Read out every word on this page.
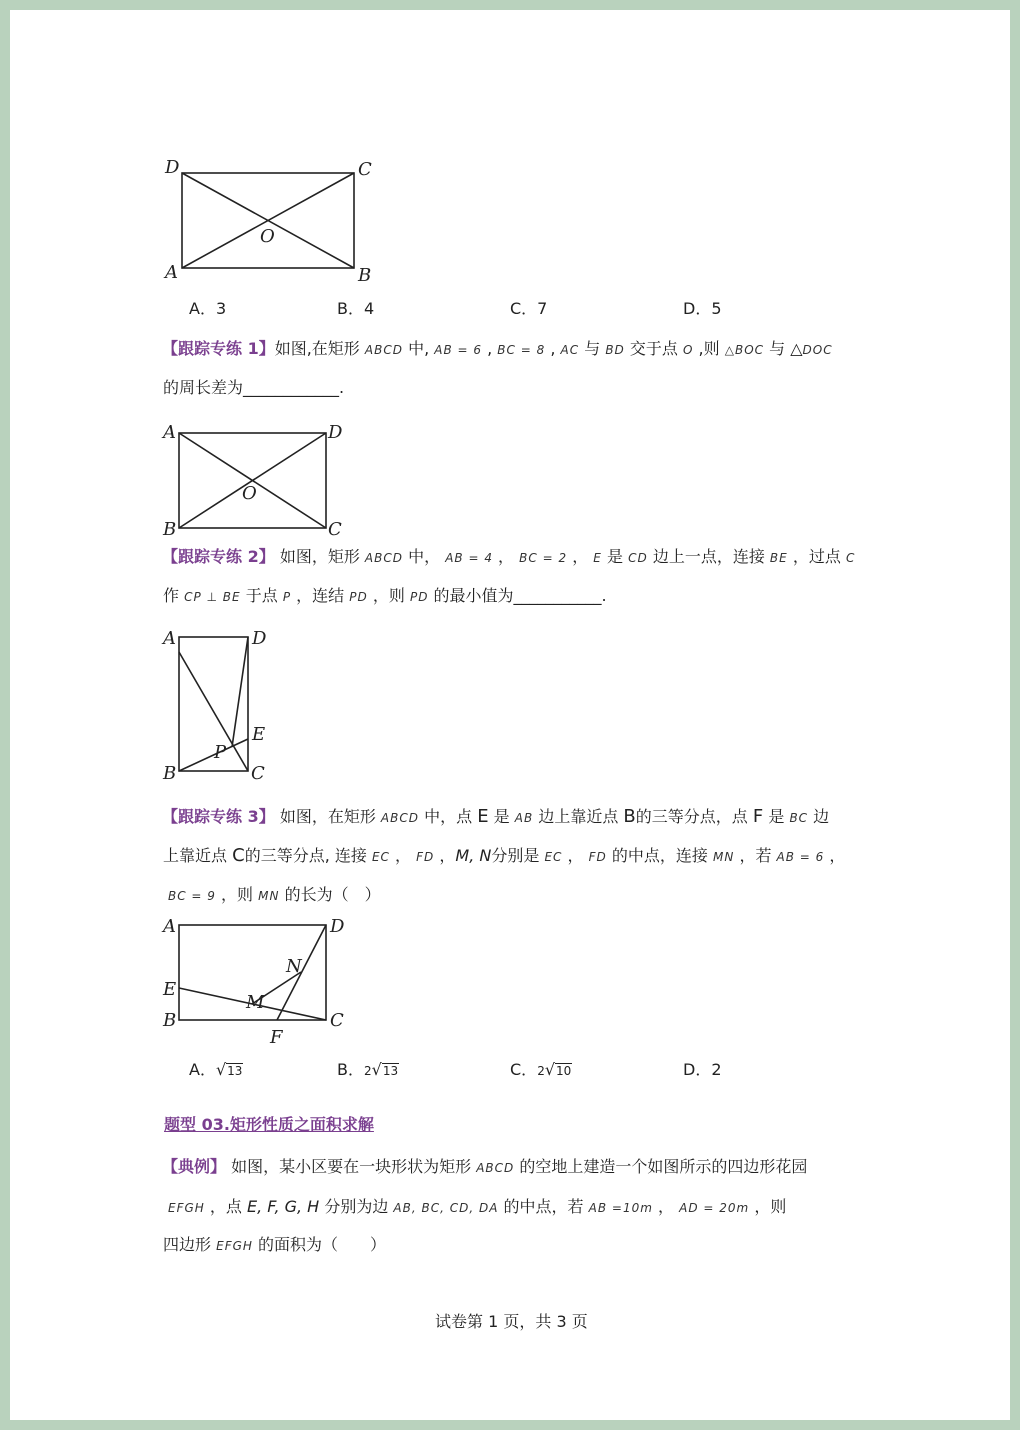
D	C
O
A	B
A．3	B．4	C．7	D．5
【跟踪专练 1】如图,在矩形 ABCD 中, AB = 6 , BC = 8 , AC 与 BD 交于点 O ,则 △BOC 与 △DOC
的周长差为____________.
A	D
O
B	C
【跟踪专练 2】 如图，矩形 ABCD 中， AB = 4 ， BC = 2 ， E 是 CD 边上一点，连接 BE ，过点 C
作 CP ⊥ BE 于点 P ，连结 PD ，则 PD 的最小值为___________.
A	D
E
P
B	C
【跟踪专练 3】 如图，在矩形 ABCD 中，点 E 是 AB 边上靠近点 B的三等分点，点 F 是 BC 边
上靠近点 C的三等分点, 连接 EC ， FD ，M, N分别是 EC ， FD 的中点，连接 MN ，若 AB = 6 ，
BC = 9 ，则 MN 的长为（　）
A	D
N
E
M
B
F
C
A．√13	B．2√13	C．2√10	D．2
题型 03.矩形性质之面积求解
【典例】 如图，某小区要在一块形状为矩形 ABCD 的空地上建造一个如图所示的四边形花园
EFGH ，点 E, F, G, H 分别为边 AB, BC, CD, DA 的中点，若 AB =10m ， AD = 20m ，则
四边形 EFGH 的面积为（　　）
试卷第 1 页，共 3 页
